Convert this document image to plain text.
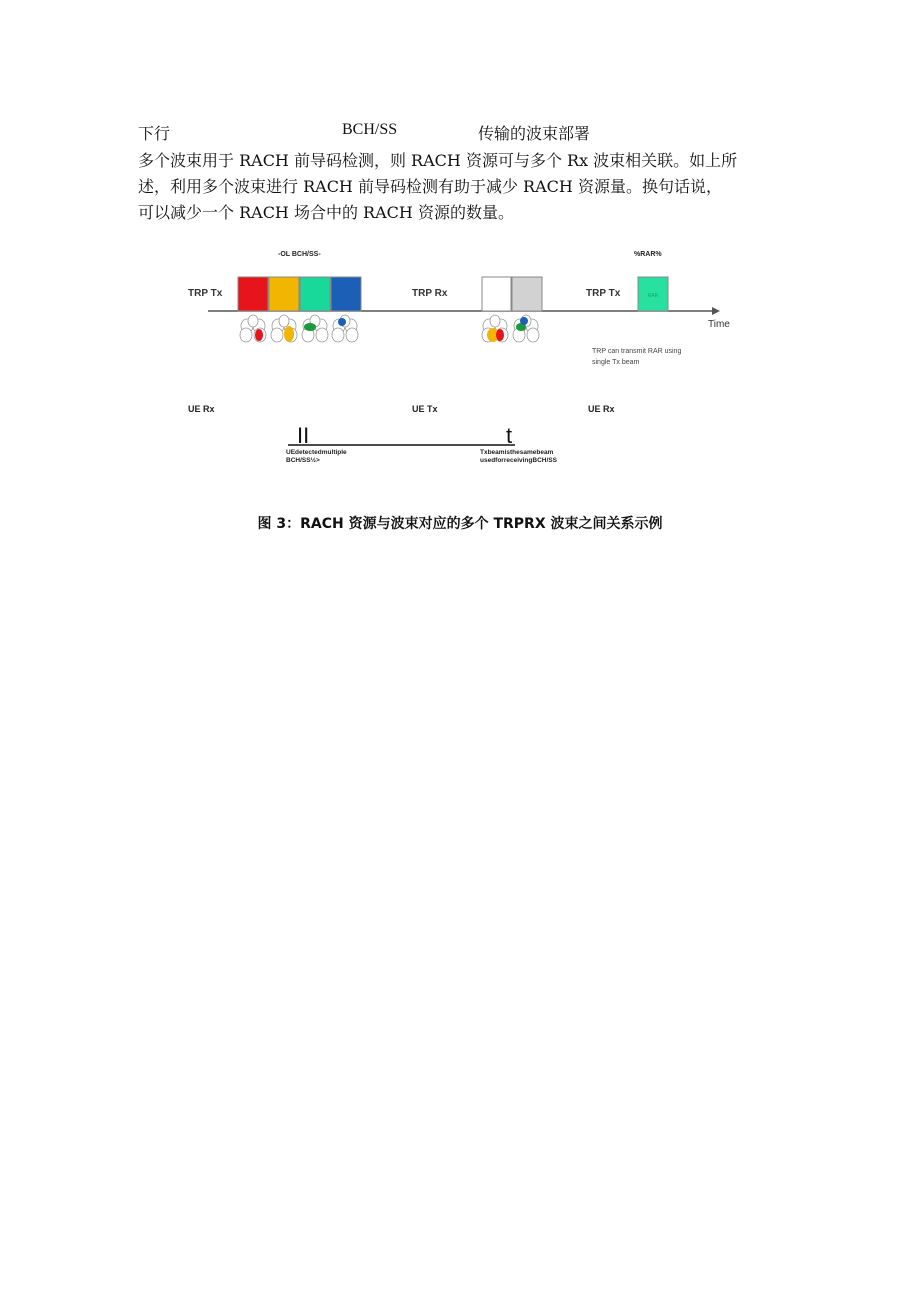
下行	BCH/SS	传输的波束部署

多个波束用于 RACH 前导码检测，则 RACH 资源可与多个 Rx 波束相关联。如上所
述，利用多个波束进行 RACH 前导码检测有助于减少 RACH 资源量。换句话说，
可以减少一个 RACH 场合中的 RACH 资源的数量。

-OL BCH/SS-	%RAR%
TRP Tx	TRP Rx	TRP Tx
Time
RAR
TRP can transmit RAR using
single Tx beam
UE Rx	UE Tx	UE Rx
II	t
UEdetectedmultiple
BCH/SS½>
Txbeamisthesamebeam
usedforreceivingBCH/SS
图 3：RACH 资源与波束对应的多个 TRPRX 波束之间关系示例
